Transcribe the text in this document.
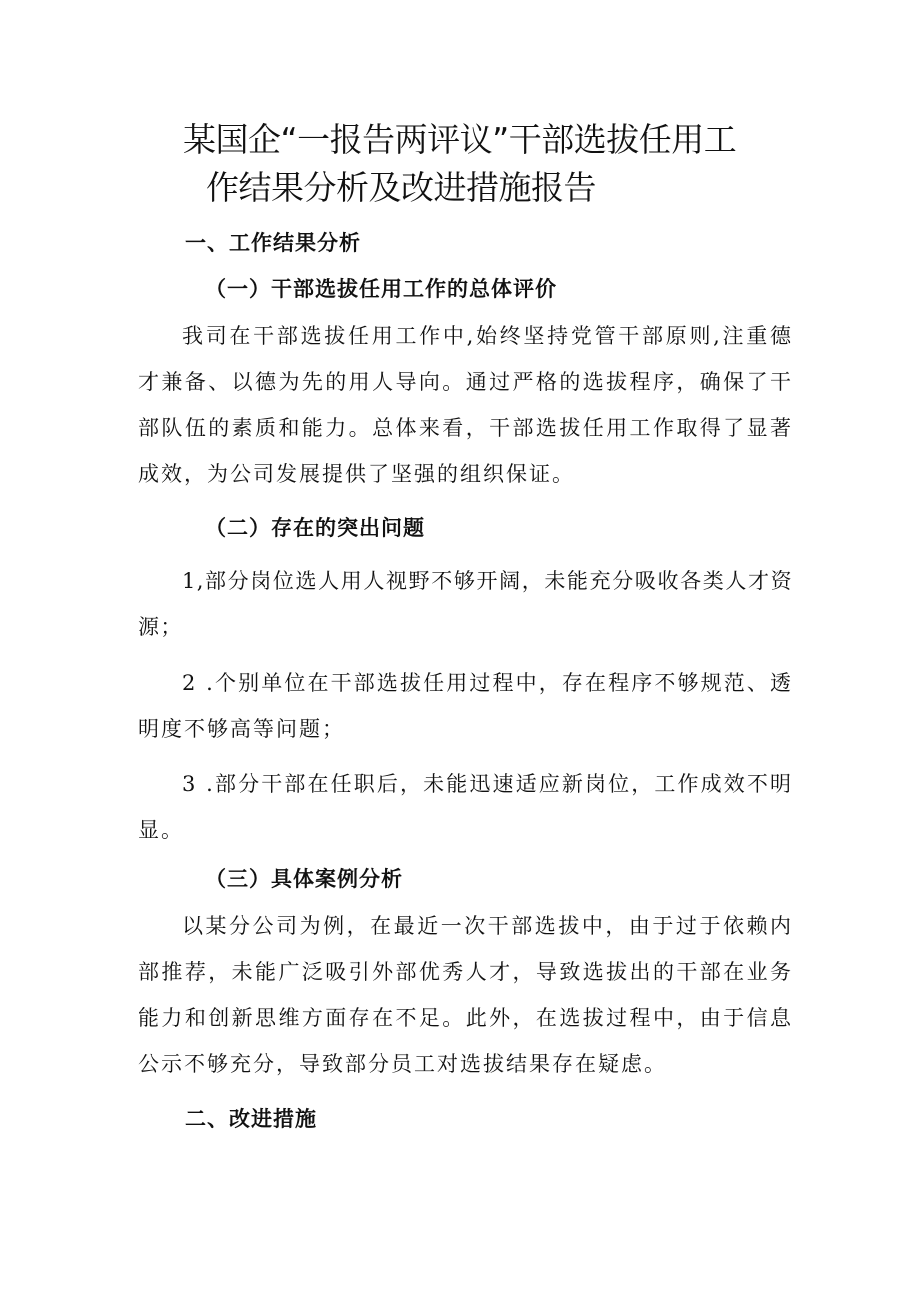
某国企“一报告两评议”干部选拔任用工
作结果分析及改进措施报告
一、工作结果分析
（一）干部选拔任用工作的总体评价

我司在干部选拔任用工作中,始终坚持党管干部原则,注重德才兼备、以德为先的用人导向。通过严格的选拔程序，确保了干部队伍的素质和能力。总体来看，干部选拔任用工作取得了显著成效，为公司发展提供了坚强的组织保证。

（二）存在的突出问题

1,部分岗位选人用人视野不够开阔，未能充分吸收各类人才资源；

2 .个别单位在干部选拔任用过程中，存在程序不够规范、透明度不够高等问题；

3 .部分干部在任职后，未能迅速适应新岗位，工作成效不明显。

（三）具体案例分析

以某分公司为例，在最近一次干部选拔中，由于过于依赖内部推荐，未能广泛吸引外部优秀人才，导致选拔出的干部在业务能力和创新思维方面存在不足。此外，在选拔过程中，由于信息公示不够充分，导致部分员工对选拔结果存在疑虑。

二、改进措施
